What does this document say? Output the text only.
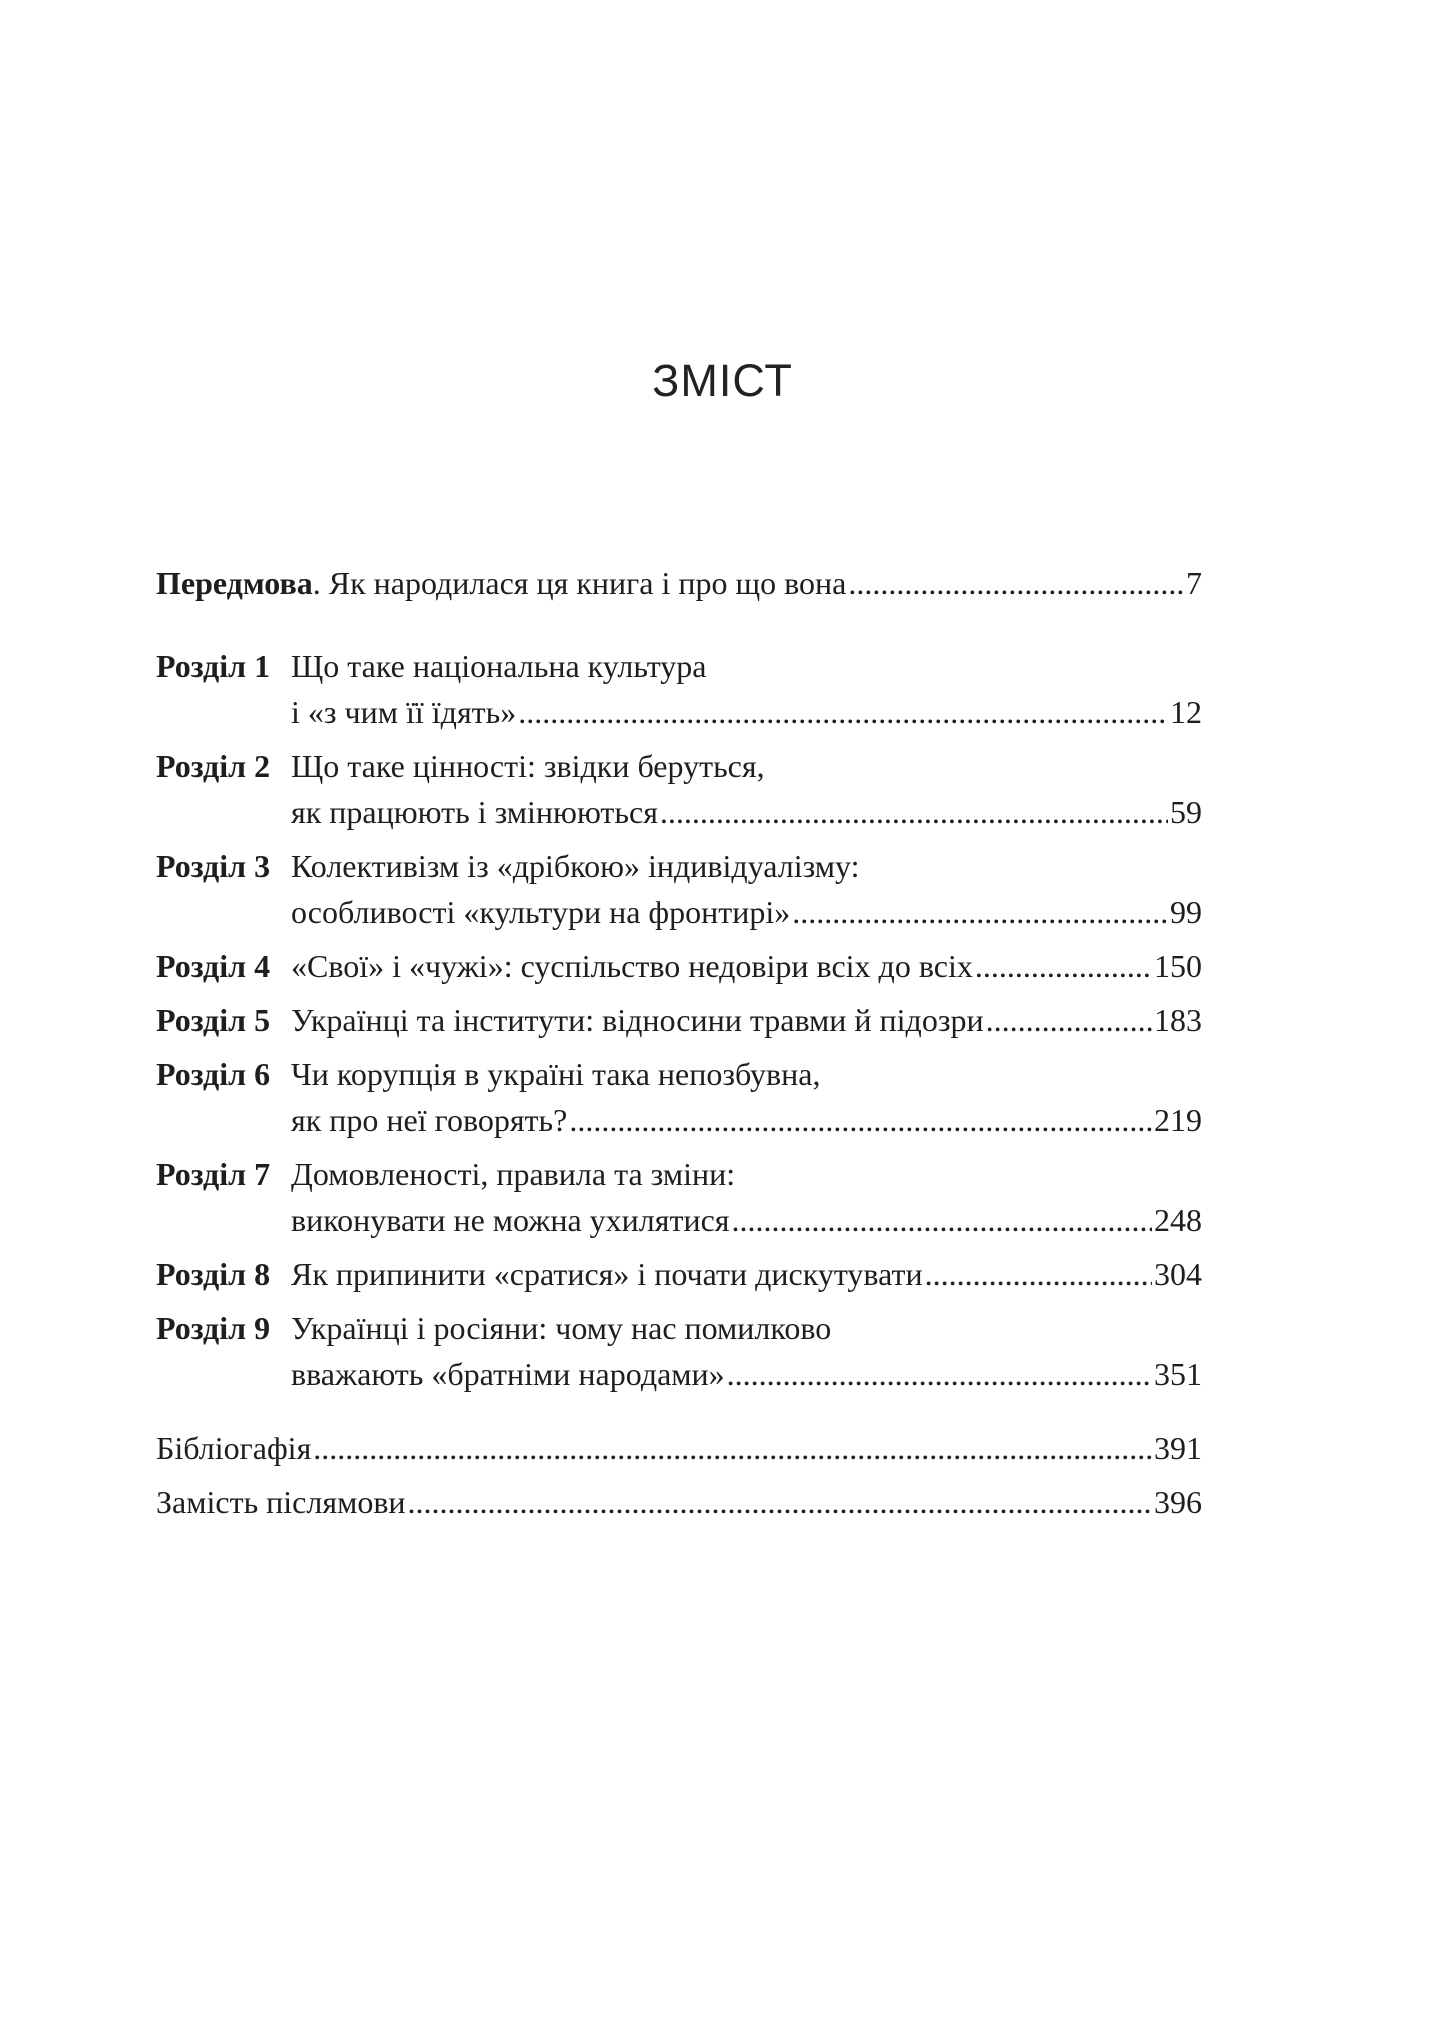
ЗМІСТ
Передмова. Як народилася ця книга і про що вона .....	7
Розділ 1 Що таке національна культура
і «з чим її їдять» .....	12
Розділ 2 Що таке цінності: звідки беруться,
як працюють і змінюються .....	59
Розділ 3 Колективізм із «дрібкою» індивідуалізму:
особливості «культури на фронтирі» .....	99
Розділ 4 «Свої» і «чужі»: суспільство недовіри всіх до всіх .....	150
Розділ 5 Українці та інститути: відносини травми й підозри .....	183
Розділ 6 Чи корупція в україні така непозбувна,
як про неї говорять? .....	219
Розділ 7 Домовленості, правила та зміни:
виконувати не можна ухилятися .....	248
Розділ 8 Як припинити «сратися» і почати дискутувати .....	304
Розділ 9 Українці і росіяни: чому нас помилково
вважають «братніми народами» .....	351
Бібліогафія .....	391
Замість післямови .....	396
